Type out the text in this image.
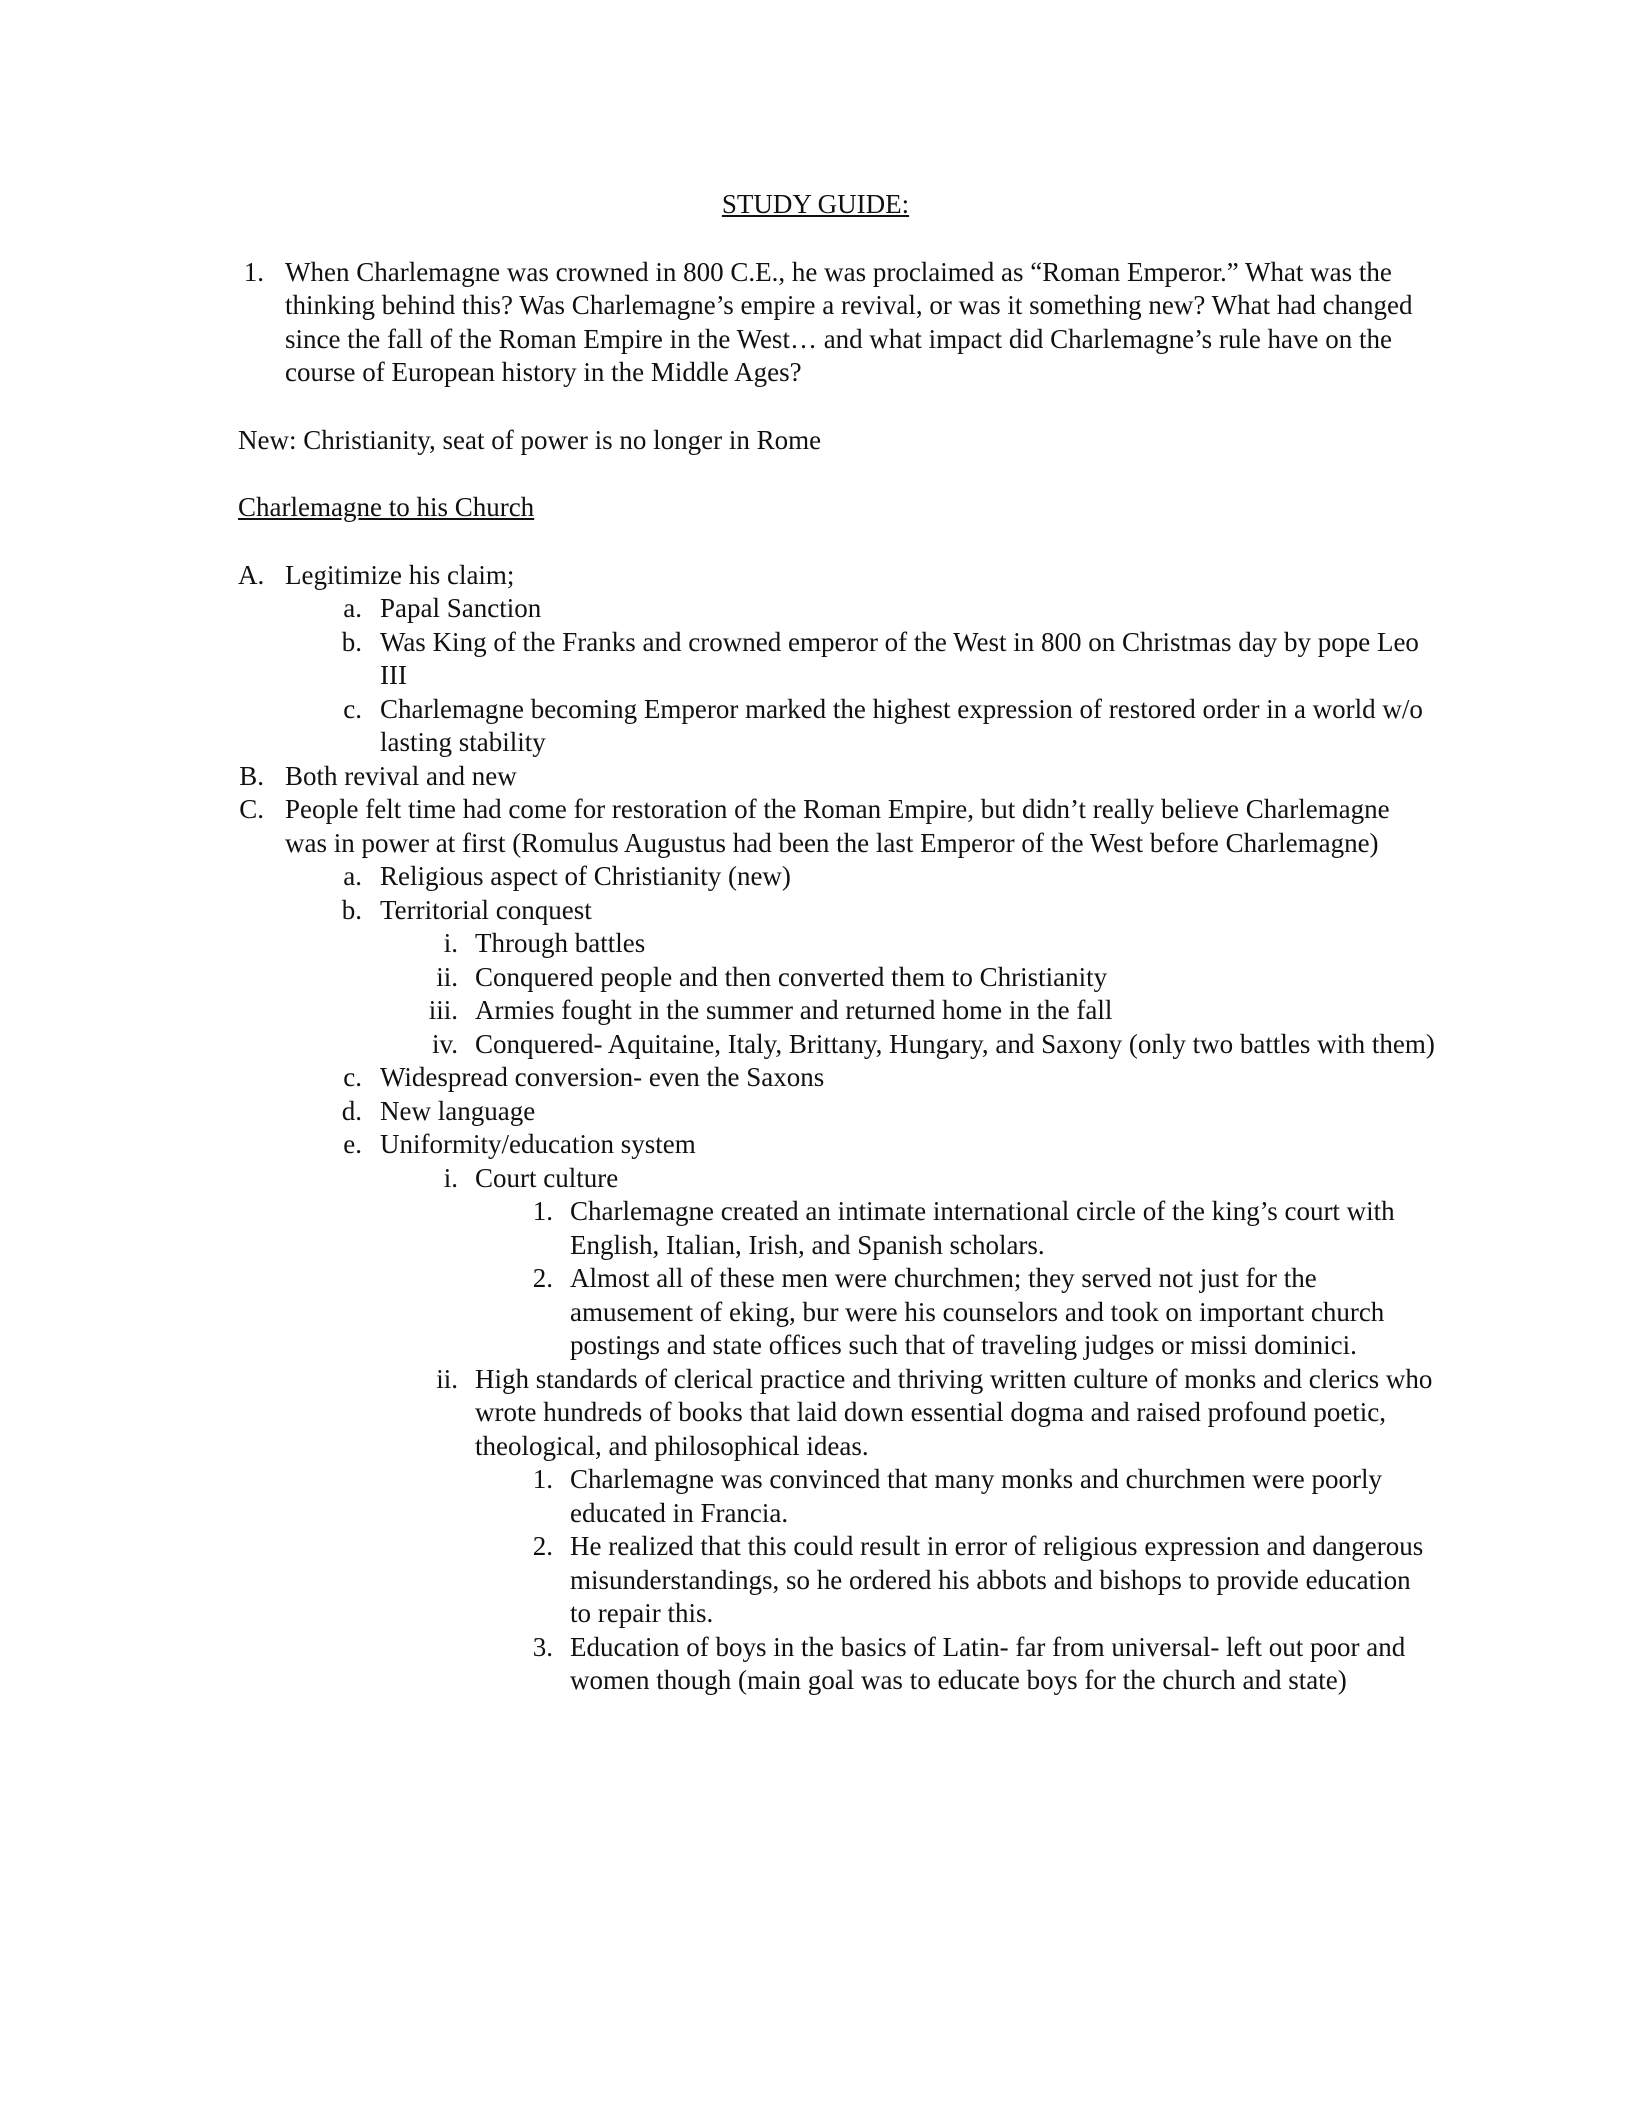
STUDY GUIDE:
1. When Charlemagne was crowned in 800 C.E., he was proclaimed as “Roman Emperor.” What was the thinking behind this? Was Charlemagne’s empire a revival, or was it something new? What had changed since the fall of the Roman Empire in the West… and what impact did Charlemagne’s rule have on the course of European history in the Middle Ages?
New: Christianity, seat of power is no longer in Rome
Charlemagne to his Church
A. Legitimize his claim;
a. Papal Sanction
b. Was King of the Franks and crowned emperor of the West in 800 on Christmas day by pope Leo III
c. Charlemagne becoming Emperor marked the highest expression of restored order in a world w/o lasting stability
B. Both revival and new
C. People felt time had come for restoration of the Roman Empire, but didn’t really believe Charlemagne was in power at first (Romulus Augustus had been the last Emperor of the West before Charlemagne)
a. Religious aspect of Christianity (new)
b. Territorial conquest
i. Through battles
ii. Conquered people and then converted them to Christianity
iii. Armies fought in the summer and returned home in the fall
iv. Conquered- Aquitaine, Italy, Brittany, Hungary, and Saxony (only two battles with them)
c. Widespread conversion- even the Saxons
d. New language
e. Uniformity/education system
i. Court culture
1. Charlemagne created an intimate international circle of the king’s court with English, Italian, Irish, and Spanish scholars.
2. Almost all of these men were churchmen; they served not just for the amusement of eking, bur were his counselors and took on important church postings and state offices such that of traveling judges or missi dominici.
ii. High standards of clerical practice and thriving written culture of monks and clerics who wrote hundreds of books that laid down essential dogma and raised profound poetic, theological, and philosophical ideas.
1. Charlemagne was convinced that many monks and churchmen were poorly educated in Francia.
2. He realized that this could result in error of religious expression and dangerous misunderstandings, so he ordered his abbots and bishops to provide education to repair this.
3. Education of boys in the basics of Latin- far from universal- left out poor and women though (main goal was to educate boys for the church and state)
